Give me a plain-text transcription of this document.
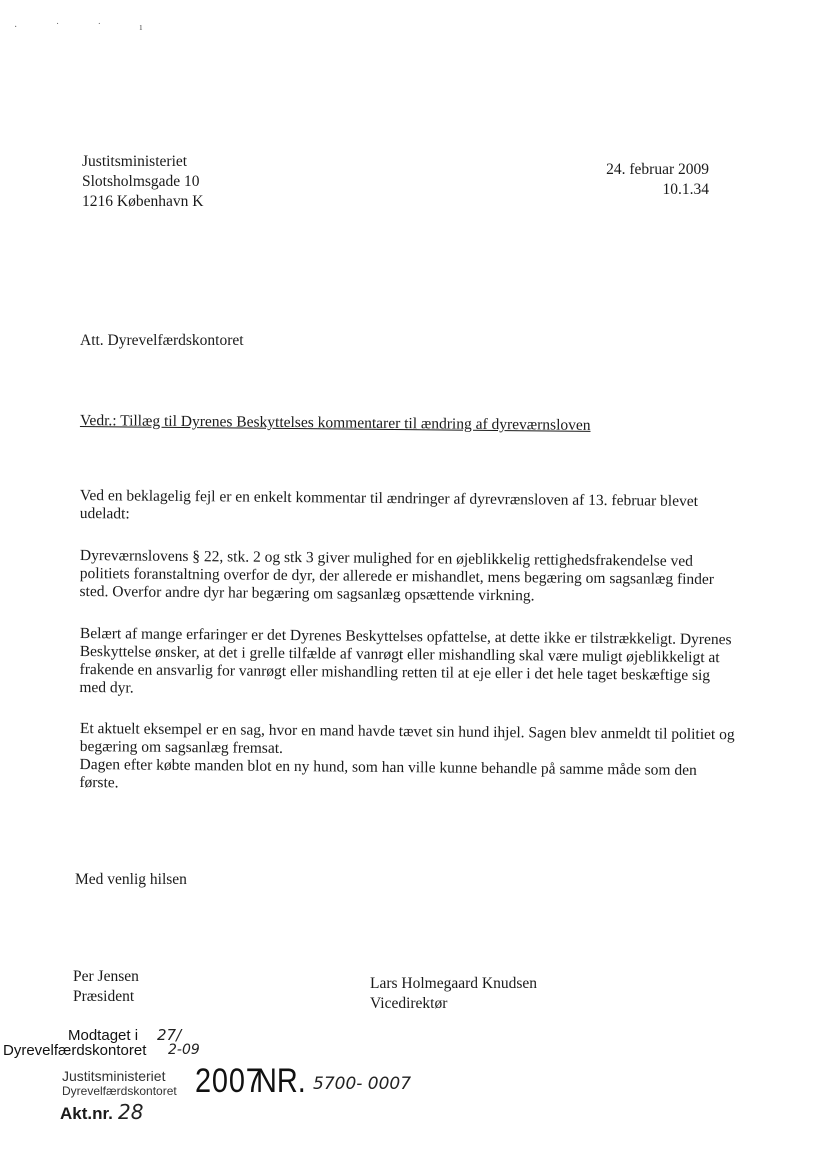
· ˙ ˙ ı
Justitsministeriet
Slotsholmsgade 10
1216 København K
24. februar 2009
10.1.34
Att. Dyrevelfærdskontoret
Vedr.: Tillæg til Dyrenes Beskyttelses kommentarer til ændring af dyreværnsloven
Ved en beklagelig fejl er en enkelt kommentar til ændringer af dyrevrænsloven af 13. februar blevet udeladt:
Dyreværnslovens § 22, stk. 2 og stk 3 giver mulighed for en øjeblikkelig rettighedsfrakendelse ved politiets foranstaltning overfor de dyr, der allerede er mishandlet, mens begæring om sagsanlæg finder sted. Overfor andre dyr har begæring om sagsanlæg opsættende virkning.
Belært af mange erfaringer er det Dyrenes Beskyttelses opfattelse, at dette ikke er tilstrækkeligt. Dyrenes Beskyttelse ønsker, at det i grelle tilfælde af vanrøgt eller mishandling skal være muligt øjeblikkeligt at frakende en ansvarlig for vanrøgt eller mishandling retten til at eje eller i det hele taget beskæftige sig med dyr.
Et aktuelt eksempel er en sag, hvor en mand havde tævet sin hund ihjel. Sagen blev anmeldt til politiet og begæring om sagsanlæg fremsat.
Dagen efter købte manden blot en ny hund, som han ville kunne behandle på samme måde som den første.
Med venlig hilsen
Per Jensen
Præsident
Lars Holmegaard Knudsen
Vicedirektør
Modtaget i
Dyrevelfærdskontoret
27/
2-09
Justitsministeriet
Dyrevelfærdskontoret 2007
NR. 5700- 0007
Akt.nr. 28
